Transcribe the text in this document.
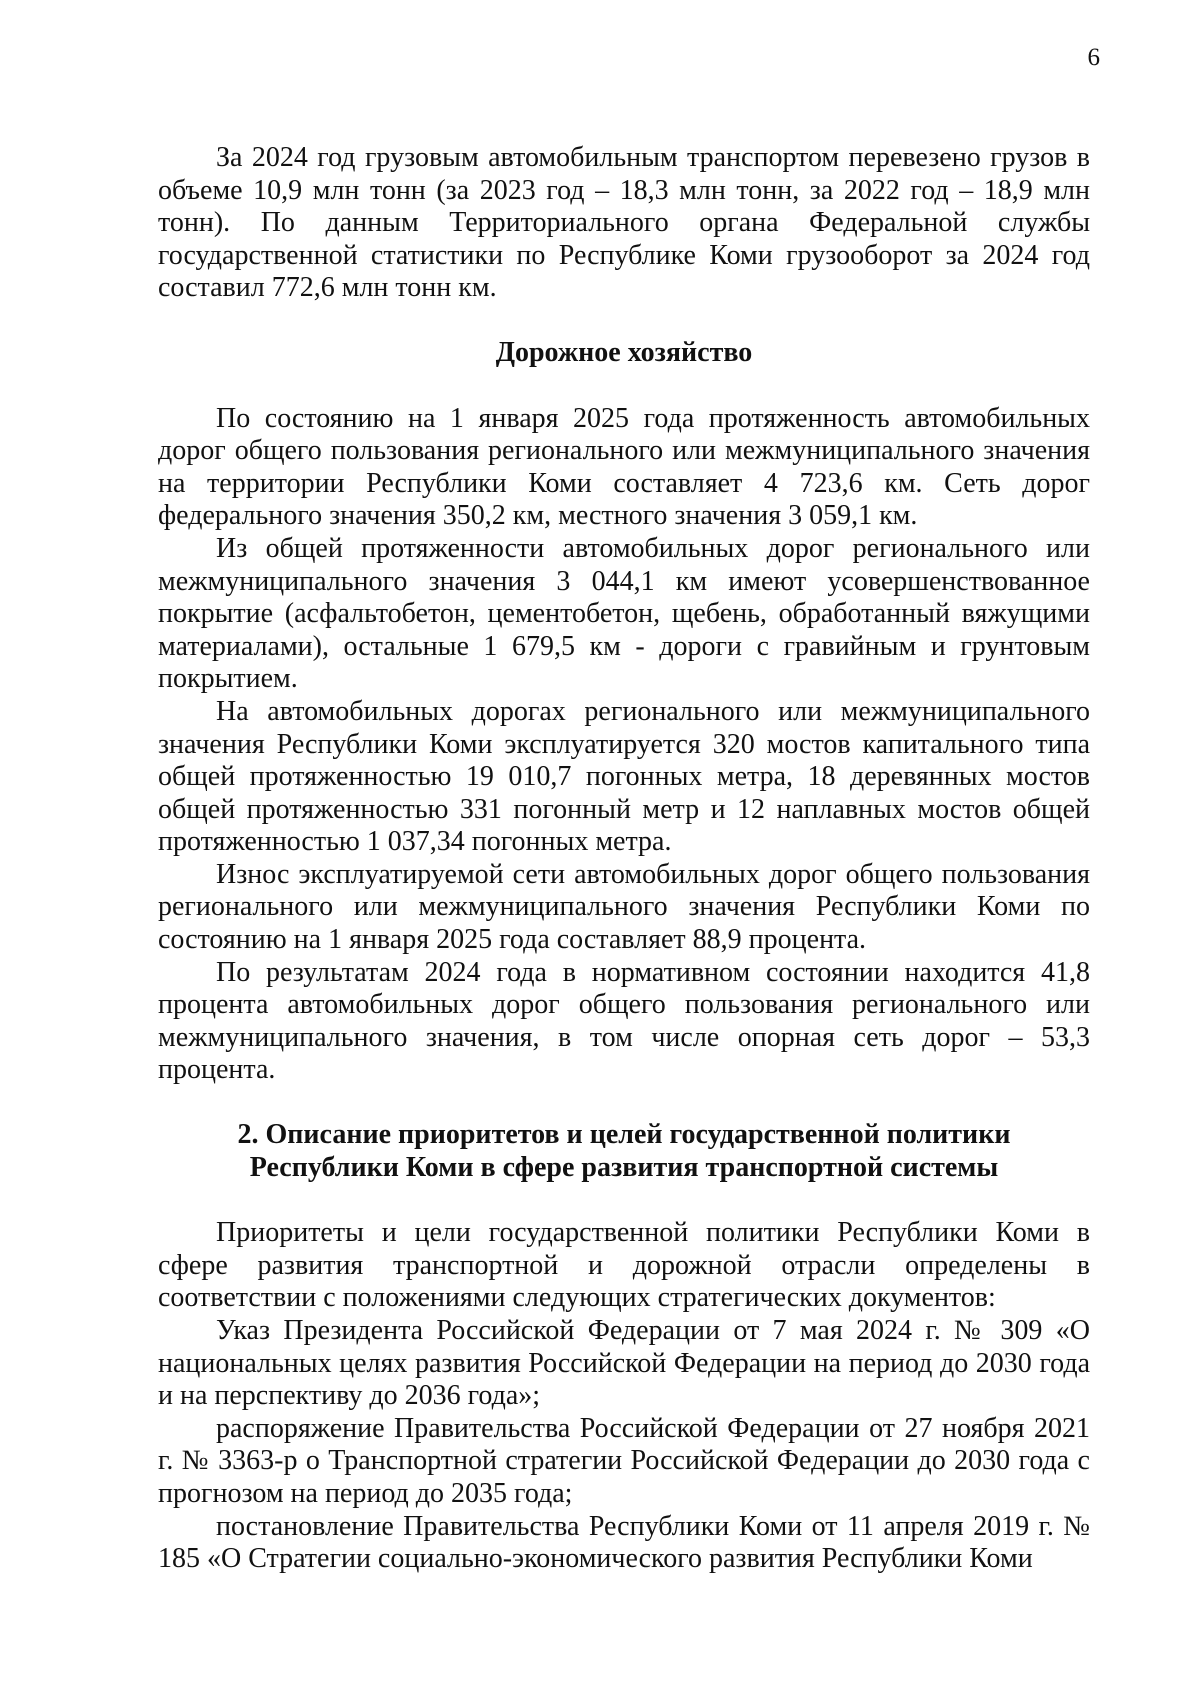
6

За 2024 год грузовым автомобильным транспортом перевезено грузов в объеме 10,9 млн тонн (за 2023 год – 18,3 млн тонн, за 2022 год – 18,9 млн тонн). По данным Территориального органа Федеральной службы государственной статистики по Республике Коми грузооборот за 2024 год составил 772,6 млн тонн км.

Дорожное хозяйство

По состоянию на 1 января 2025 года протяженность автомобильных дорог общего пользования регионального или межмуниципального значения на территории Республики Коми составляет 4 723,6 км. Сеть дорог федерального значения 350,2 км, местного значения 3 059,1 км.

Из общей протяженности автомобильных дорог регионального или межмуниципального значения 3 044,1 км имеют усовершенствованное покрытие (асфальтобетон, цементобетон, щебень, обработанный вяжущими материалами), остальные 1 679,5 км - дороги с гравийным и грунтовым покрытием.

На автомобильных дорогах регионального или межмуниципального значения Республики Коми эксплуатируется 320 мостов капитального типа общей протяженностью 19 010,7 погонных метра, 18 деревянных мостов общей протяженностью 331 погонный метр и 12 наплавных мостов общей протяженностью 1 037,34 погонных метра.

Износ эксплуатируемой сети автомобильных дорог общего пользования регионального или межмуниципального значения Республики Коми по состоянию на 1 января 2025 года составляет 88,9 процента.

По результатам 2024 года в нормативном состоянии находится 41,8 процента автомобильных дорог общего пользования регионального или межмуниципального значения, в том числе опорная сеть дорог – 53,3 процента.

2. Описание приоритетов и целей государственной политики
Республики Коми в сфере развития транспортной системы

Приоритеты и цели государственной политики Республики Коми в сфере развития транспортной и дорожной отрасли определены в соответствии с положениями следующих стратегических документов:

Указ Президента Российской Федерации от 7 мая 2024 г. № 309 «О национальных целях развития Российской Федерации на период до 2030 года и на перспективу до 2036 года»;

распоряжение Правительства Российской Федерации от 27 ноября 2021 г. № 3363-р о Транспортной стратегии Российской Федерации до 2030 года с прогнозом на период до 2035 года;

постановление Правительства Республики Коми от 11 апреля 2019 г. № 185 «О Стратегии социально-экономического развития Республики Коми
